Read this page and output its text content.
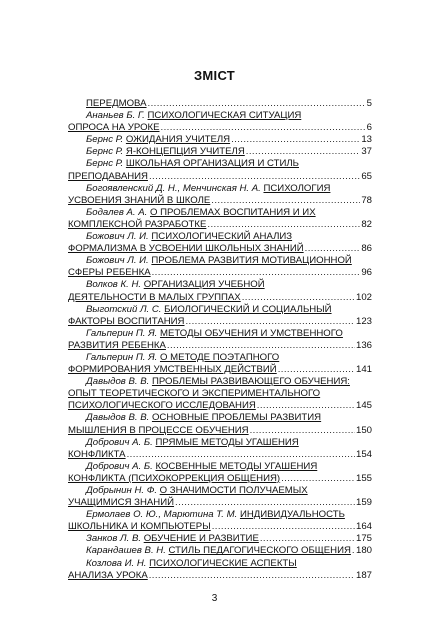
ЗМІСТ
ПЕРЕДМОВА .....	5
Ананьев Б. Г. ПСИХОЛОГИЧЕСКАЯ СИТУАЦИЯ
ОПРОСА НА УРОКЕ .....	6
Бернс Р. ОЖИДАНИЯ УЧИТЕЛЯ .....	13
Бернс Р. Я-КОНЦЕПЦИЯ УЧИТЕЛЯ .....	37
Бернс Р. ШКОЛЬНАЯ ОРГАНИЗАЦИЯ И СТИЛЬ
ПРЕПОДАВАНИЯ .....	65
Богоявленский Д. Н., Менчинская Н. А. ПСИХОЛОГИЯ
УСВОЕНИЯ ЗНАНИЙ В ШКОЛЕ .....	78
Бодалев А. А. О ПРОБЛЕМАХ ВОСПИТАНИЯ И ИХ
КОМПЛЕКСНОЙ РАЗРАБОТКЕ .....	82
Божович Л. И. ПСИХОЛОГИЧЕСКИЙ АНАЛИЗ
ФОРМАЛИЗМА В УСВОЕНИИ ШКОЛЬНЫХ ЗНАНИЙ .....	86
Божович Л. И. ПРОБЛЕМА РАЗВИТИЯ МОТИВАЦИОННОЙ
СФЕРЫ РЕБЕНКА .....	96
Волков К. Н. ОРГАНИЗАЦИЯ УЧЕБНОЙ
ДЕЯТЕЛЬНОСТИ В МАЛЫХ ГРУППАХ .....	102
Выготский Л. С. БИОЛОГИЧЕСКИЙ И СОЦИАЛЬНЫЙ
ФАКТОРЫ ВОСПИТАНИЯ .....	123
Гальперин П. Я. МЕТОДЫ ОБУЧЕНИЯ И УМСТВЕННОГО
РАЗВИТИЯ РЕБЕНКА .....	136
Гальперин П. Я. О МЕТОДЕ ПОЭТАПНОГО
ФОРМИРОВАНИЯ УМСТВЕННЫХ ДЕЙСТВИЙ .....	141
Давыдов В. В. ПРОБЛЕМЫ РАЗВИВАЮЩЕГО ОБУЧЕНИЯ:
ОПЫТ ТЕОРЕТИЧЕСКОГО И ЭКСПЕРИМЕНТАЛЬНОГО
ПСИХОЛОГИЧЕСКОГО ИССЛЕДОВАНИЯ .....	145
Давыдов В. В. ОСНОВНЫЕ ПРОБЛЕМЫ РАЗВИТИЯ
МЫШЛЕНИЯ В ПРОЦЕССЕ ОБУЧЕНИЯ .....	150
Добрович А. Б. ПРЯМЫЕ МЕТОДЫ УГАШЕНИЯ
КОНФЛИКТА .....	154
Добрович А. Б. КОСВЕННЫЕ МЕТОДЫ УГАШЕНИЯ
КОНФЛИКТА (ПСИХОКОРРЕКЦИЯ ОБЩЕНИЯ) .....	155
Добрынин Н. Ф. О ЗНАЧИМОСТИ ПОЛУЧАЕМЫХ
УЧАЩИМИСЯ ЗНАНИЙ .....	159
Ермолаев О. Ю., Марютина Т. М. ИНДИВИДУАЛЬНОСТЬ
ШКОЛЬНИКА И КОМПЬЮТЕРЫ .....	164
Занков Л. В. ОБУЧЕНИЕ И РАЗВИТИЕ .....	175
Карандашев В. Н. СТИЛЬ ПЕДАГОГИЧЕСКОГО ОБЩЕНИЯ ..... 180
Козлова И. Н. ПСИХОЛОГИЧЕСКИЕ АСПЕКТЫ
АНАЛИЗА УРОКА .....	187
3
